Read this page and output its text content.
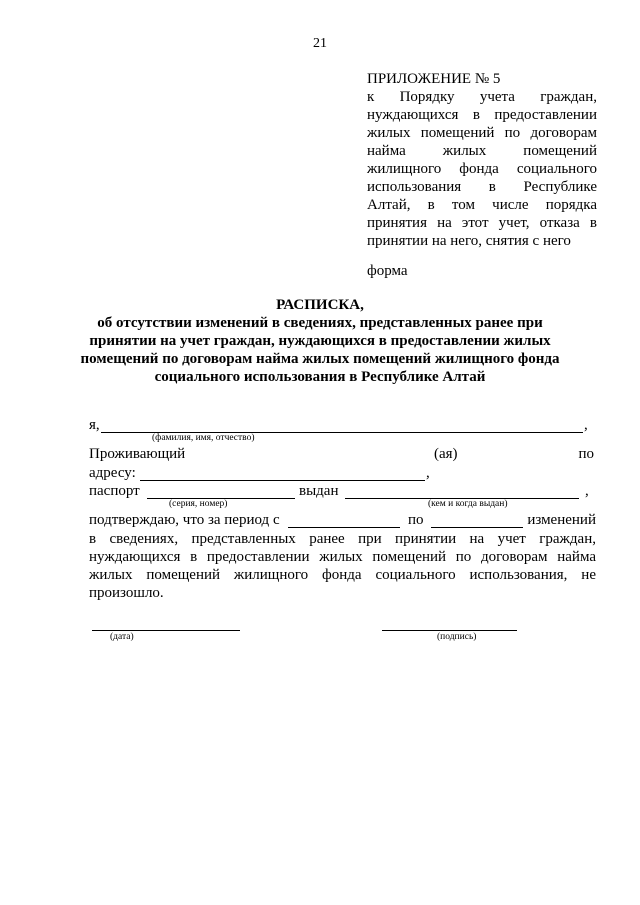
21
ПРИЛОЖЕНИЕ № 5
к Порядку учета граждан,
нуждающихся в предоставлении
жилых помещений по договорам
найма жилых помещений
жилищного фонда социального
использования в Республике
Алтай, в том числе порядка
принятия на этот учет, отказа в
принятии на него, снятия с него
форма
РАСПИСКА,
об отсутствии изменений в сведениях, представленных ранее при
принятии на учет граждан, нуждающихся в предоставлении жилых
помещений по договорам найма жилых помещений жилищного фонда
социального использования в Республике Алтай
я,	,
(фамилия, имя, отчество)
Проживающий	(ая)	по
адресу:	,
паспорт	выдан	,
(серия, номер)	(кем и когда выдан)
подтверждаю, что за период с	по	изменений
в сведениях, представленных ранее при принятии на учет граждан,
нуждающихся в предоставлении жилых помещений по договорам найма
жилых помещений жилищного фонда социального использования, не
произошло.
(дата)	(подпись)
